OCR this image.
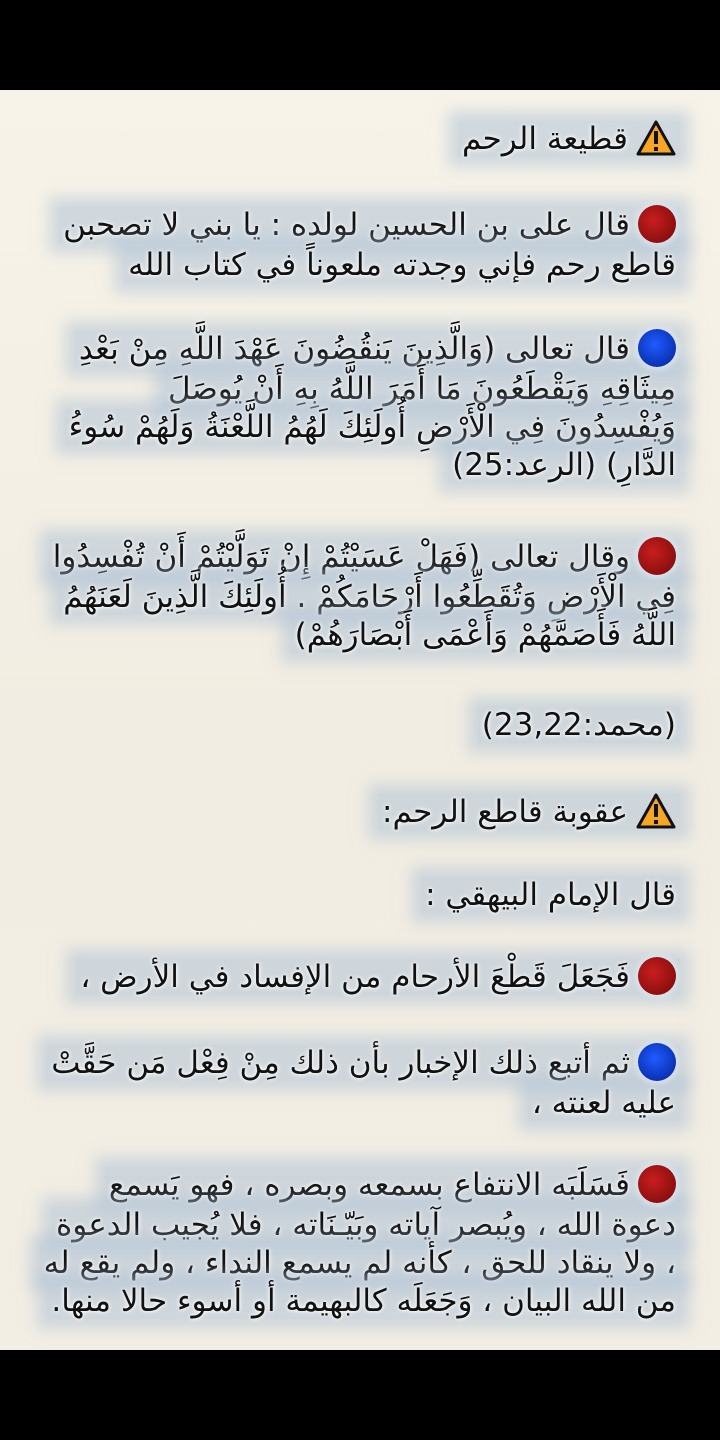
قطيعة الرحم
قال على بن الحسين لولده : يا بني لا تصحبن قاطع رحم فإني وجدته ملعوناً في كتاب الله
قال تعالى (وَالَّذِينَ يَنقُضُونَ عَهْدَ اللَّهِ مِنْ بَعْدِ مِيثَاقِهِ وَيَقْطَعُونَ مَا أَمَرَ اللَّهُ بِهِ أَنْ يُوصَلَ وَيُفْسِدُونَ فِي الْأَرْضِ أُولَئِكَ لَهُمُ اللَّعْنَةُ وَلَهُمْ سُوءُ الدَّارِ) (الرعد:25)
وقال تعالى (فَهَلْ عَسَيْتُمْ إِنْ تَوَلَّيْتُمْ أَنْ تُفْسِدُوا فِي الْأَرْضِ وَتُقَطِّعُوا أَرْحَامَكُمْ . أُولَئِكَ الَّذِينَ لَعَنَهُمُ اللَّهُ فَأَصَمَّهُمْ وَأَعْمَى أَبْصَارَهُمْ)
(محمد:23,22)
عقوبة قاطع الرحم:
قال الإمام البيهقي :
فَجَعَلَ قَطْعَ الأرحام من الإفساد في الأرض ،
ثم أتبع ذلك الإخبار بأن ذلك مِنْ فِعْل مَن حَقَّتْ عليه لعنته ،
فَسَلَبَه الانتفاع بسمعه وبصره ، فهو يَسمع دعوة الله ، ويُبصر آياته وبَيّـنَاته ، فلا يُجيب الدعوة ، ولا ينقاد للحق ، كأنه لم يسمع النداء ، ولم يقع له من الله البيان ، وَجَعَلَه كالبهيمة أو أسوء حالا منها.
